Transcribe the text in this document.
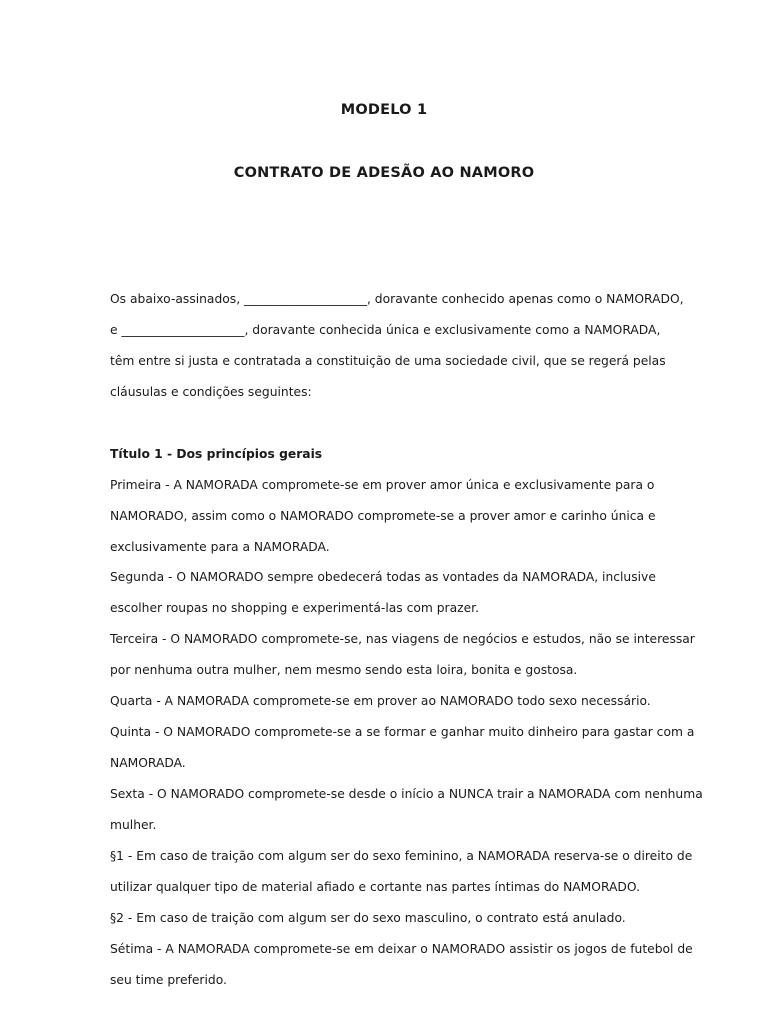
MODELO 1
CONTRATO DE ADESÃO AO NAMORO
Os abaixo-assinados, ____________________, doravante conhecido apenas como o NAMORADO,
e ____________________, doravante conhecida única e exclusivamente como a NAMORADA,
têm entre si justa e contratada a constituição de uma sociedade civil, que se regerá pelas
cláusulas e condições seguintes:
Título 1 - Dos princípios gerais
Primeira - A NAMORADA compromete-se em prover amor única e exclusivamente para o
NAMORADO, assim como o NAMORADO compromete-se a prover amor e carinho única e
exclusivamente para a NAMORADA.
Segunda - O NAMORADO sempre obedecerá todas as vontades da NAMORADA, inclusive
escolher roupas no shopping e experimentá-las com prazer.
Terceira - O NAMORADO compromete-se, nas viagens de negócios e estudos, não se interessar
por nenhuma outra mulher, nem mesmo sendo esta loira, bonita e gostosa.
Quarta - A NAMORADA compromete-se em prover ao NAMORADO todo sexo necessário.
Quinta - O NAMORADO compromete-se a se formar e ganhar muito dinheiro para gastar com a
NAMORADA.
Sexta - O NAMORADO compromete-se desde o início a NUNCA trair a NAMORADA com nenhuma
mulher.
§1 - Em caso de traição com algum ser do sexo feminino, a NAMORADA reserva-se o direito de
utilizar qualquer tipo de material afiado e cortante nas partes íntimas do NAMORADO.
§2 - Em caso de traição com algum ser do sexo masculino, o contrato está anulado.
Sétima - A NAMORADA compromete-se em deixar o NAMORADO assistir os jogos de futebol de
seu time preferido.
